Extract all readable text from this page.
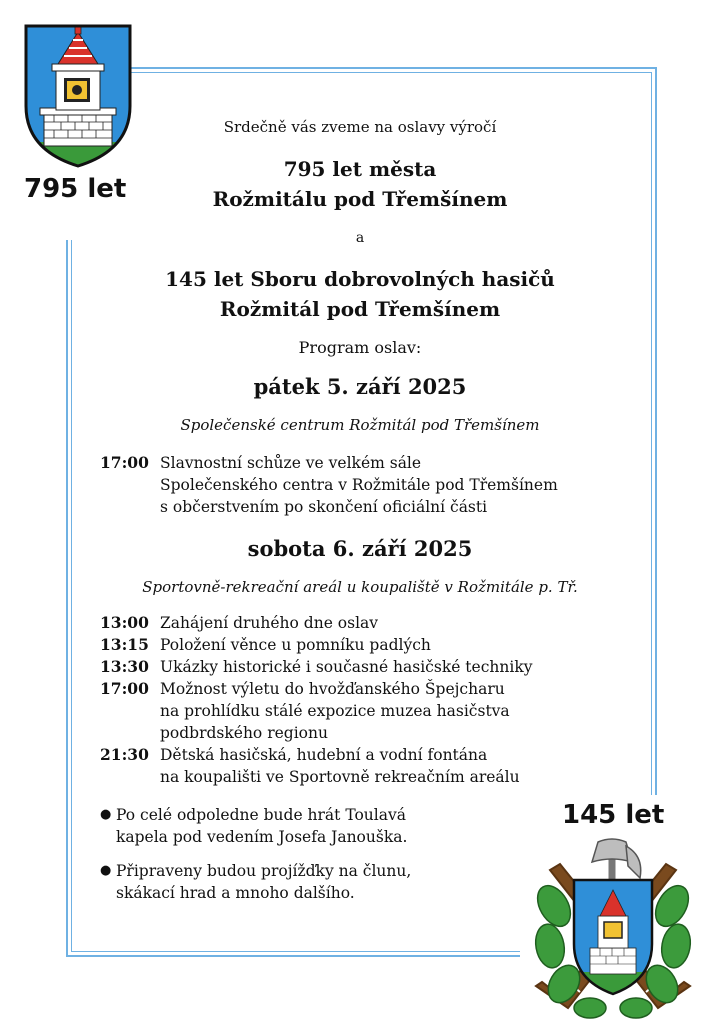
795 let
Srdečně vás zveme na oslavy výročí
795 let města
Rožmitálu pod Třemšínem
a
145 let Sboru dobrovolných hasičů
Rožmitál pod Třemšínem
Program oslav:
pátek 5. září 2025
Společenské centrum Rožmitál pod Třemšínem
17:00 Slavnostní schůze ve velkém sále
Společenského centra v Rožmitále pod Třemšínem
s občerstvením po skončení oficiální části
sobota 6. září 2025
Sportovně-rekreační areál u koupaliště v Rožmitále p. Tř.
13:00 Zahájení druhého dne oslav
13:15 Položení věnce u pomníku padlých
13:30 Ukázky historické i současné hasičské techniky
17:00 Možnost výletu do hvožďanského Špejcharu
na prohlídku stálé expozice muzea hasičstva
podbrdského regionu
21:30 Dětská hasičská, hudební a vodní fontána
na koupališti ve Sportovně rekreačním areálu
● Po celé odpoledne bude hrát Toulavá
kapela pod vedením Josefa Janouška.
● Připraveny budou projížďky na člunu,
skákací hrad a mnoho dalšího.
145 let
